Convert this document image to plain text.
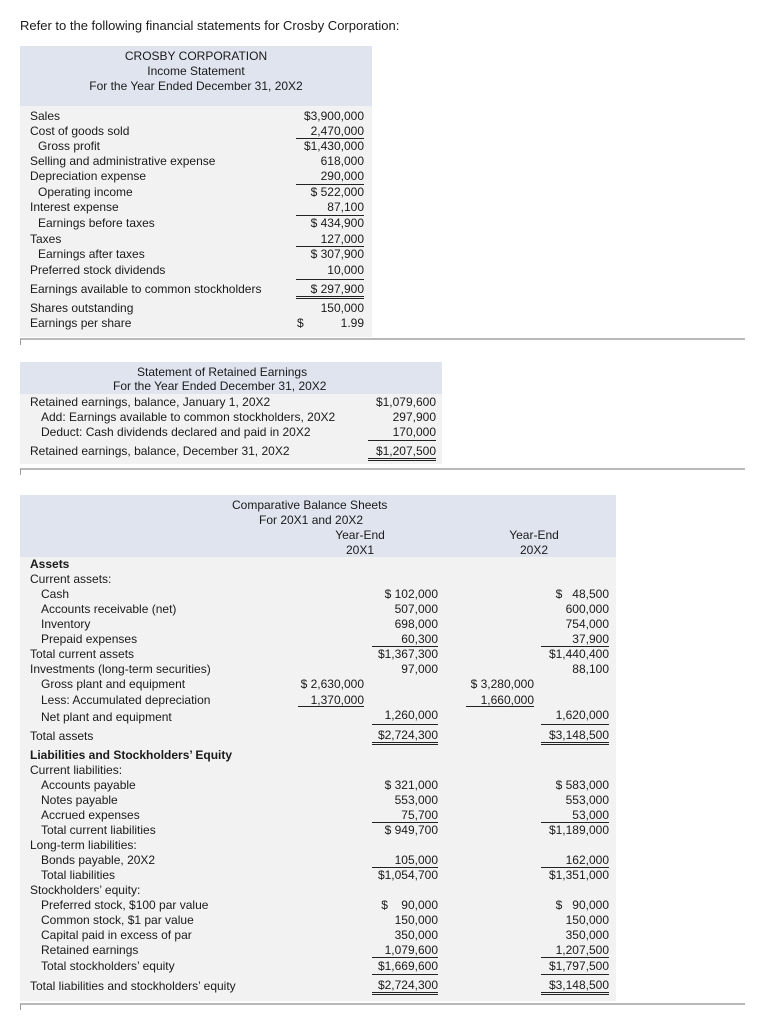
Refer to the following financial statements for Crosby Corporation:
CROSBY CORPORATION
Income Statement
For the Year Ended December 31, 20X2
Sales
Cost of goods sold
Gross profit
Selling and administrative expense
Depreciation expense
Operating income
Interest expense
Earnings before taxes
Taxes
Earnings after taxes
Preferred stock dividends
Earnings available to common stockholders
Shares outstanding
Earnings per share
$3,900,000
2,470,000
$1,430,000
618,000
290,000
$ 522,000
87,100
$ 434,900
127,000
$ 307,900
10,000
$ 297,900
150,000
$	1.99
Statement of Retained Earnings
For the Year Ended December 31, 20X2
Retained earnings, balance, January 1, 20X2
Add: Earnings available to common stockholders, 20X2
Deduct: Cash dividends declared and paid in 20X2
Retained earnings, balance, December 31, 20X2
$1,079,600
297,900
170,000
$1,207,500
Comparative Balance Sheets
For 20X1 and 20X2
Year-End
20X1
Year-End
20X2
Assets
Current assets:
Cash
Accounts receivable (net)
Inventory
Prepaid expenses
Total current assets
Investments (long-term securities)
Gross plant and equipment
Less: Accumulated depreciation
Net plant and equipment
Total assets
Liabilities and Stockholders’ Equity
Current liabilities:
Accounts payable
Notes payable
Accrued expenses
Total current liabilities
Long-term liabilities:
Bonds payable, 20X2
Total liabilities
Stockholders’ equity:
Preferred stock, $100 par value
Common stock, $1 par value
Capital paid in excess of par
Retained earnings
Total stockholders’ equity
Total liabilities and stockholders’ equity
$ 2,630,000
1,370,000
$ 102,000
507,000
698,000
60,300
$1,367,300
97,000
1,260,000
$2,724,300
$ 321,000
553,000
75,700
$ 949,700
105,000
$1,054,700
$    90,000
150,000
350,000
1,079,600
$1,669,600
$2,724,300
$ 3,280,000
1,660,000
$   48,500
600,000
754,000
37,900
$1,440,400
88,100
1,620,000
$3,148,500
$ 583,000
553,000
53,000
$1,189,000
162,000
$1,351,000
$   90,000
150,000
350,000
1,207,500
$1,797,500
$3,148,500
